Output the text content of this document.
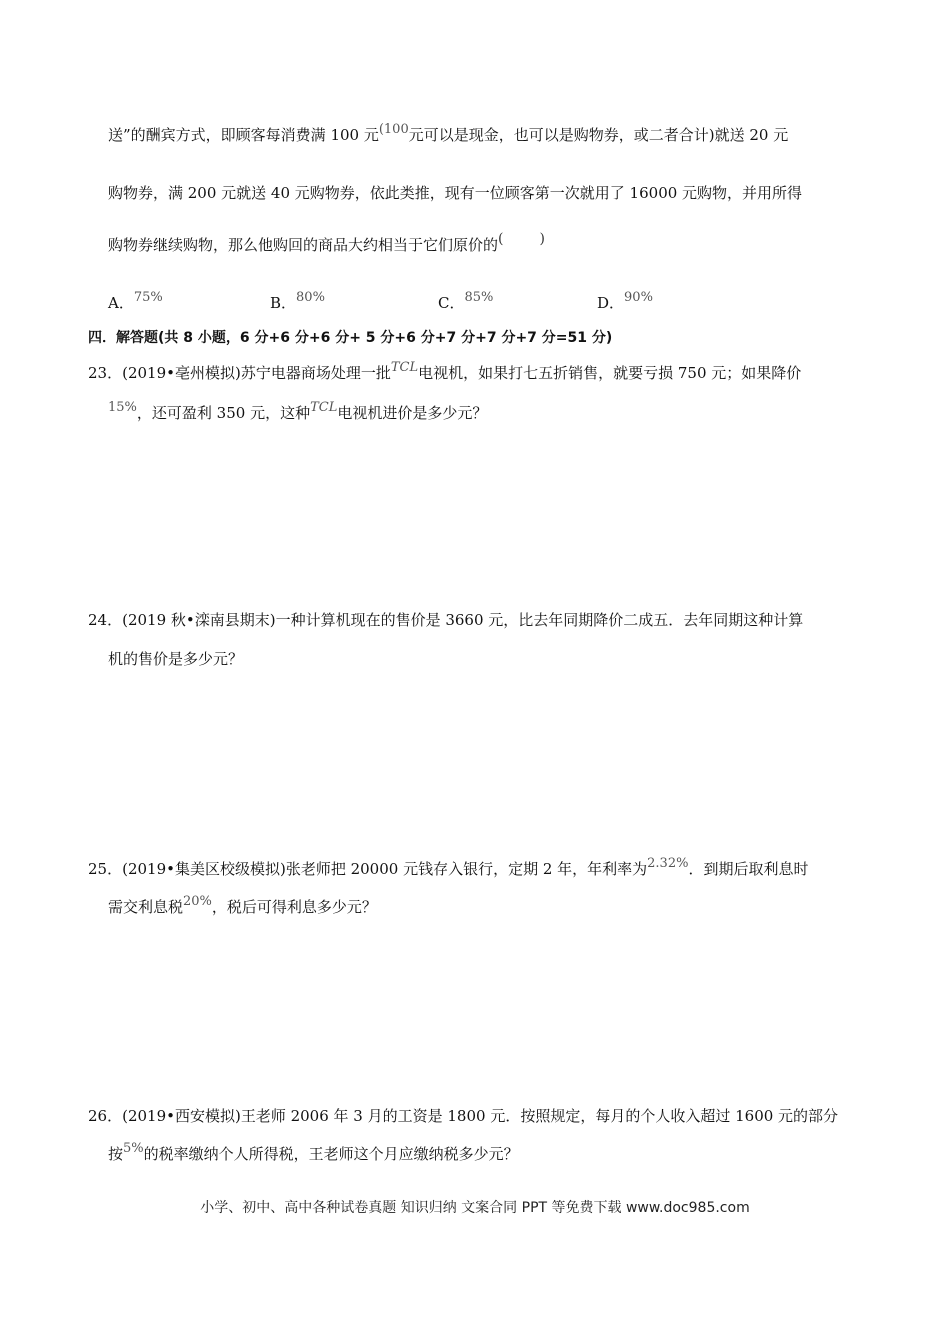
送”的酬宾方式，即顾客每消费满 100 元(100元可以是现金，也可以是购物券，或二者合计)就送 20 元
购物券，满 200 元就送 40 元购物券，依此类推，现有一位顾客第一次就用了 16000 元购物，并用所得
购物券继续购物，那么他购回的商品大约相当于它们原价的(	)
A．75%	B．80%	C．85%	D．90%
四．解答题(共 8 小题，6 分+6 分+6 分+ 5 分+6 分+7 分+7 分+7 分=51 分)
23．(2019•亳州模拟)苏宁电器商场处理一批TCL电视机，如果打七五折销售，就要亏损 750 元；如果降价
15%，还可盈利 350 元，这种TCL电视机进价是多少元？
24．(2019 秋•滦南县期末)一种计算机现在的售价是 3660 元，比去年同期降价二成五．去年同期这种计算
机的售价是多少元？
25．(2019•集美区校级模拟)张老师把 20000 元钱存入银行，定期 2 年，年利率为2.32%．到期后取利息时
需交利息税20%，税后可得利息多少元？
26．(2019•西安模拟)王老师 2006 年 3 月的工资是 1800 元．按照规定，每月的个人收入超过 1600 元的部分
按5%的税率缴纳个人所得税，王老师这个月应缴纳税多少元？
小学、初中、高中各种试卷真题 知识归纳 文案合同 PPT 等免费下载 www.doc985.com
